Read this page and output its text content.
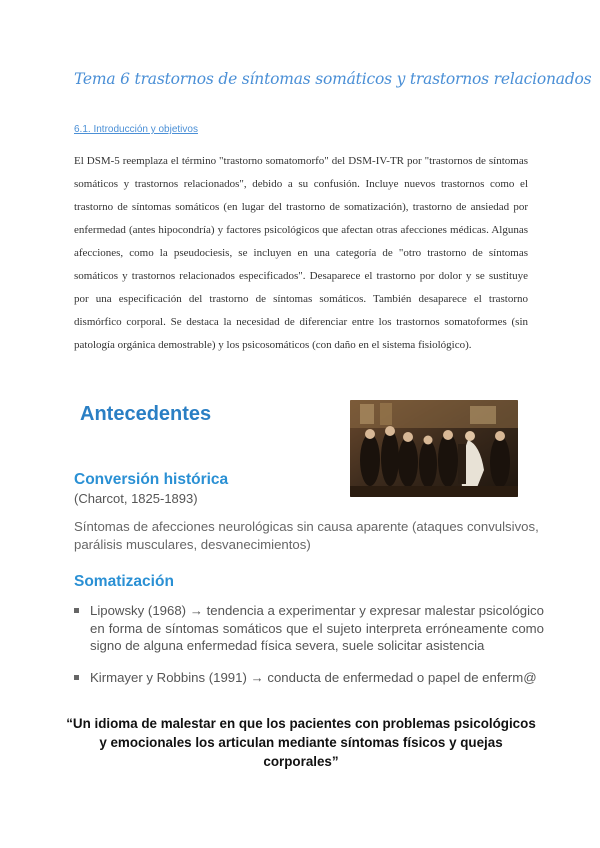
Tema 6 trastornos de síntomas somáticos y trastornos relacionados
6.1. Introducción y objetivos

El DSM-5 reemplaza el término "trastorno somatomorfo" del DSM-IV-TR por "trastornos de síntomas somáticos y trastornos relacionados", debido a su confusión. Incluye nuevos trastornos como el trastorno de síntomas somáticos (en lugar del trastorno de somatización), trastorno de ansiedad por enfermedad (antes hipocondría) y factores psicológicos que afectan otras afecciones médicas. Algunas afecciones, como la pseudociesis, se incluyen en una categoría de "otro trastorno de síntomas somáticos y trastornos relacionados especificados". Desaparece el trastorno por dolor y se sustituye por una especificación del trastorno de síntomas somáticos. También desaparece el trastorno dismórfico corporal. Se destaca la necesidad de diferenciar entre los trastornos somatoformes (sin patología orgánica demostrable) y los psicosomáticos (con daño en el sistema fisiológico).

Antecedentes
Conversión histórica
(Charcot, 1825-1893)
Síntomas de afecciones neurológicas sin causa aparente (ataques convulsivos, parálisis musculares, desvanecimientos)
Somatización
Lipowsky (1968) → tendencia a experimentar y expresar malestar psicológico en forma de síntomas somáticos que el sujeto interpreta erróneamente como signo de alguna enfermedad física severa, suele solicitar asistencia
Kirmayer y Robbins (1991) → conducta de enfermedad o papel de enferm@
“Un idioma de malestar en que los pacientes con problemas psicológicos y emocionales los articulan mediante síntomas físicos y quejas corporales”
